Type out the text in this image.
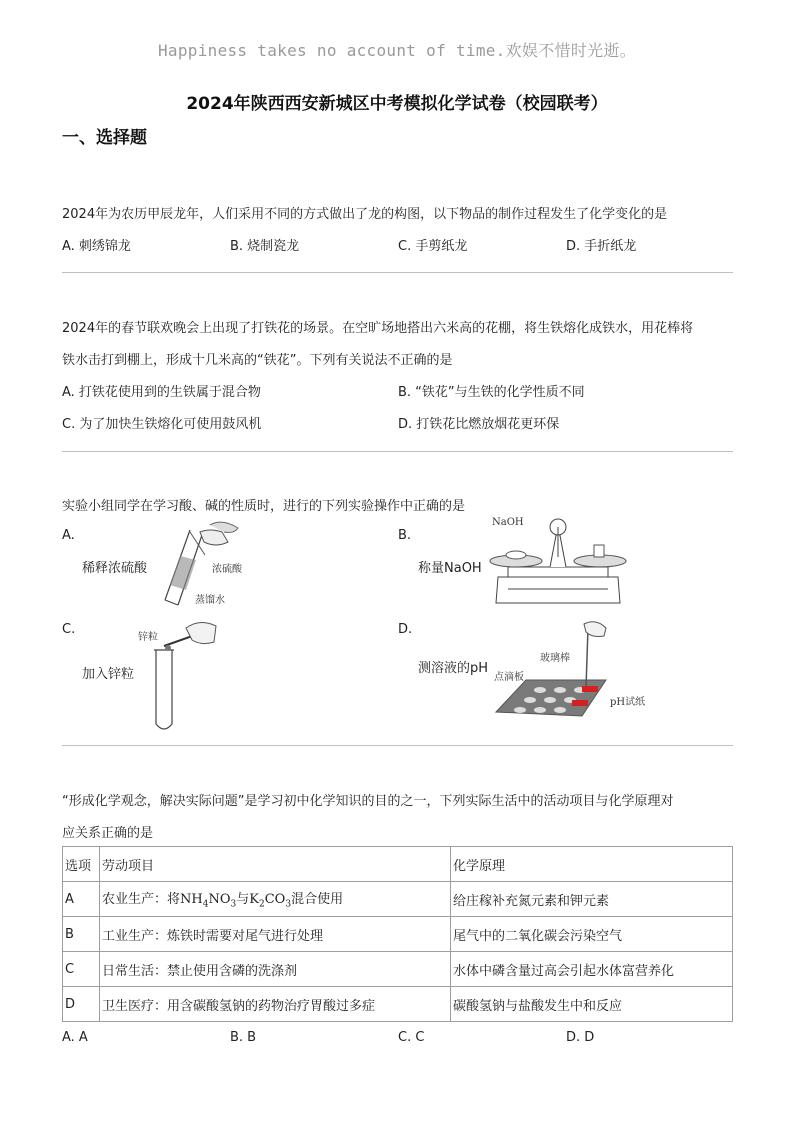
Happiness takes no account of time.欢娱不惜时光逝。
2024年陕西西安新城区中考模拟化学试卷（校园联考）
一、选择题
2024年为农历甲辰龙年，人们采用不同的方式做出了龙的构图，以下物品的制作过程发生了化学变化的是
A. 刺绣锦龙	B. 烧制瓷龙	C. 手剪纸龙	D. 手折纸龙
2024年的春节联欢晚会上出现了打铁花的场景。在空旷场地搭出六米高的花棚，将生铁熔化成铁水，用花棒将
铁水击打到棚上，形成十几米高的“铁花”。下列有关说法不正确的是
A. 打铁花使用到的生铁属于混合物	B. “铁花”与生铁的化学性质不同
C. 为了加快生铁熔化可使用鼓风机	D. 打铁花比燃放烟花更环保
实验小组同学在学习酸、碱的性质时，进行的下列实验操作中正确的是
A.
稀释浓硫酸	浓硫酸
蒸馏水
B.
称量NaOH
NaOH
C.
加入锌粒
锌粒
D.
测溶液的pH
玻璃棒
点滴板
pH试纸
“形成化学观念，解决实际问题”是学习初中化学知识的目的之一，下列实际生活中的活动项目与化学原理对
应关系正确的是
选项	劳动项目	化学原理
A	农业生产：将$NH_4NO_3$与$K_2CO_3$混合使用	给庄稼补充氮元素和钾元素
B	工业生产：炼铁时需要对尾气进行处理	尾气中的二氧化碳会污染空气
C	日常生活：禁止使用含磷的洗涤剂	水体中磷含量过高会引起水体富营养化
D	卫生医疗：用含碳酸氢钠的药物治疗胃酸过多症	碳酸氢钠与盐酸发生中和反应
A. A	B. B	C. C	D. D
